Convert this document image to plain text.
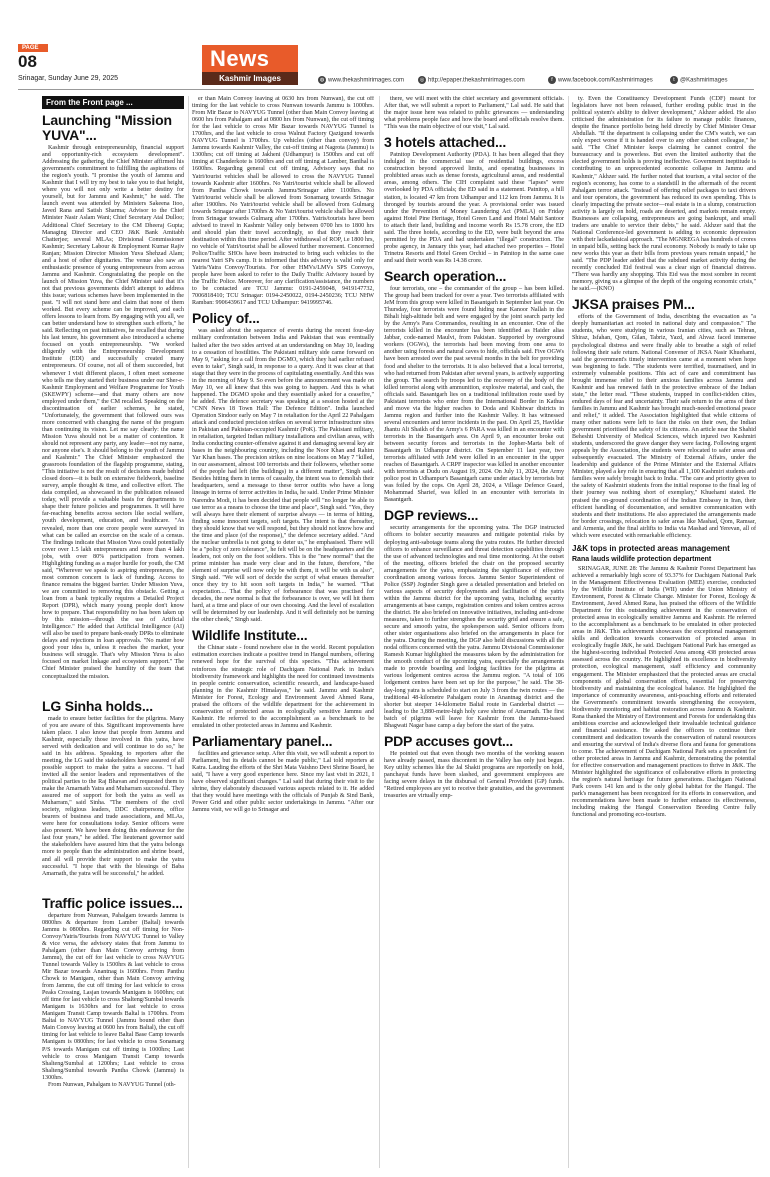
PAGE
08	News
Kashmir Images
Srinagar, Sunday June 29, 2025	◍ www.thekashmirimages.com	◎ http://epaper.thekashmirimages.com	f www.facebook.com/Kashmirimages	t @Kashmirimages
From the Front page ...
Launching "Mission YUVA"...

Kashmir through entrepreneurship, financial support and opportunity-rich ecosystem development". Addressing the gathering, the Chief Minister affirmed his government's commitment to fulfilling the aspirations of the region's youth. "I promise the youth of Jammu and Kashmir that I will try my best to take you to that height, where you will not only write a better destiny for yourself, but for Jammu and Kashmir," he said. The launch event was attended by Ministers Sakeena Itoo, Javed Rana and Satish Sharma; Advisor to the Chief Minister Nasir Aslam Wani; Chief Secretary Atal Dulloo; Additional Chief Secretary to the CM Dheeraj Gupta; Managing Director and CEO J&K Bank Amitabh Chatterjee; several MLAs; Divisional Commissioner Kashmir; Secretary Labour & Employment Kumar Rajiv Ranjan; Mission Director Mission Yuva Shehzad Alam; and a host of other dignitaries. The venue also saw an enthusiastic presence of young entrepreneurs from across Jammu and Kashmir. Congratulating the people on the launch of Mission Yuva, the Chief Minister said that it's not that previous governments didn't attempt to address this issue; various schemes have been implemented in the past. "I will not stand here and claim that none of them worked. But every scheme can be improved, and each offers lessons to learn from. By engaging with you all, we can better understand how to strengthen such efforts," he said. Reflecting on past initiatives, he recalled that during his last tenure, his government also introduced a scheme focused on youth entrepreneurship. "We worked diligently with the Entrepreneurship Development Institute (EDI) and successfully created many entrepreneurs. Of course, not all of them succeeded, but whenever I visit different places, I often meet someone who tells me they started their business under our Sher-e-Kashmir Employment and Welfare Programme for Youth (SKEWPY) scheme—and that many others are now employed under them," the CM recalled. Speaking on the discontinuation of earlier schemes, he stated, "Unfortunately, the government that followed ours was more concerned with changing the name of the program than continuing its vision. Let me say clearly: the name Mission Yuva should not be a matter of contention. It should not represent any party, any leader—not my name, nor anyone else's. It should belong to the youth of Jammu and Kashmir." The Chief Minister emphasized the grassroots foundation of the flagship programme, stating, "This initiative is not the result of decisions made behind closed doors—it is built on extensive fieldwork, baseline survey, ample thought & time, and collective effort. The data compiled, as showcased in the publication released today, will provide a valuable basis for departments to shape their future policies and programmes. It will have far-reaching benefits across sectors like social welfare, youth development, education, and healthcare. "As revealed, more than one crore people were surveyed in what can be called an exercise on the scale of a census. The findings indicate that Mission Yuva could potentially cover over 1.5 lakh entrepreneurs and more than 4 lakh jobs, with over 80% participation from women. Highlighting funding as a major hurdle for youth, the CM said, "Wherever we speak to aspiring entrepreneurs, the most common concern is lack of funding. Access to finance remains the biggest barrier. Under Mission Yuva, we are committed to removing this obstacle. Getting a loan from a bank typically requires a Detailed Project Report (DPR), which many young people don't know how to prepare. That responsibility no has been taken up by this mission—through the use of Artificial Intelligence." He added that Artificial Intelligence (AI) will also be used to prepare bank-ready DPRs to eliminate delays and rejections in loan approvals. "No matter how good your idea is, unless it reaches the market, your business will struggle. That's why Mission Yuva is also focused on market linkage and ecosystem support." The Chief Minister praised the humility of the team that conceptualized the mission.

LG Sinha holds...

made to ensure better facilities for the pilgrims. Many of you are aware of this. Significant improvements have taken place. I also know that people from Jammu and Kashmir, especially those involved in this yatra, have served with dedication and will continue to do so," he said in his address. Speaking to reporters after the meeting, the LG said the stakeholders have assured of all possible support to make the yatra a success. "I had invited all the senior leaders and representatives of the political parties to the Raj Bhavan and requested them to make the Amarnath Yatra and Muharram successful. They assured me of support for both the yatra as well as Muharram," said Sinha. "The members of the civil society, religious leaders, DDC chairpersons, office bearers of business and trade associations, and MLAs, were here for consultations today. Senior officers were also present. We have been doing this endeavour for the last four years," he added. The lieutenant governor said the stakeholders have assured him that the yatra belongs more to people than the administration and shrine board, and all will provide their support to make the yatra successful. "I hope that with the blessings of Baba Amarnath, the yatra will be successful," he added.

Traffic police issues...

departure from Nunwan, Pahalgam towards Jammu is 0800hrs & departure from Lamber (Baltal) towards Jammu is 0800hrs. Regarding cut off timing for Non-Convoy/Yatris/Tourists from NAVYUG Tunnel to Valley & vice versa, the advisory states that from Jammu to Pahalgam (other than Main Convoy arriving from Jammu), the cut off for last vehicle to cross NAVYUG Tunnel towards Valley is 1500hrs & last vehicle to cross Mir Bazar towards Anantnag is 1600hrs. From Panthu Chowk to Manigam, other than Main Convoy arriving from Jammu, the cut off timing for last vehicle to cross Peaks Crossing, Lasjan towards Manigam is 1600hrs; cut off time for last vehicle to cross Shalteng/Sumbal towards Manigam is 1630hrs and for last vehicle to cross Manigam Transit Camp towards Baltal is 1700hrs. From Baltal to NAVYUG Tunnel (Jammu bound other than Main Convoy leaving at 0600 hrs from Baltal), the cut off timing for last vehicle to leave Baltal Base Camp towards Manigam is 0800hrs; for last vehicle to cross Sonamarg P/S towards Manigam cut off timing is 1000hrs; Last vehicle to cross Manigam Transit Camp towards Shalteng/Sumbal at 1200hrs; Last vehicle to cross Shalteng/Sumbal towards Pantha Chowk (Jammu) is 1300hrs.

From Nunwan, Pahalgam to NAVYUG Tunnel (oth-

er than Main Convoy leaving at 0630 hrs from Nunwan), the cut off timing for the last vehicle to cross Nunwan towards Jammu is 1000hrs. From Mir Bazar to NAVYUG Tunnel (other than Main Convoy leaving at 0600 hrs from Pahalgam and at 0800 hrs from Nunwan), the cut off timing for the last vehicle to cross Mir Bazar towards NAVYUG Tunnel is 1700hrs, and the last vehicle to cross Walnut Factory Qazigund towards NAVYUG Tunnel is 1700hrs. Up vehicles (other than convoy) from Jammu towards Kashmir Valley, the cut-off timing at Nagrota (Jammu) is 1300hrs; cut off timing at Jakheni (Udhampur) is 1500hrs and cut off timing at Chanderkote is 1600hrs and cut off timing at Lamber, Banihal is 1600hrs. Regarding general cut off timing, Advisory says that no Yatri/tourist vehicles shall be allowed to cross the NAVYUG Tunnel towards Kashmir after 1600hrs. No Yatri/tourist vehicle shall be allowed from Pantha Chowk towards Jammu/Srinagar after 1100hrs. No Yatri/tourist vehicle shall be allowed from Sonamarg towards Srinagar after 1900hrs. No Yatri/tourist vehicle shall be allowed from Gulmarg towards Srinagar after 1700hrs & No Yatri/tourist vehicle shall be allowed from Srinagar towards Gulmarg after 1700hrs. Yatris/tourists have been advised to travel in Kashmir Valley only between 0700 hrs to 1800 hrs and should plan their travel accordingly, so that they reach their destination within this time period. After withdrawal of ROP, i.e 1800 hrs, no vehicle of Yatri/tourist shall be allowed further movement. Concerned Police/Traffic SHOs have been instructed to bring such vehicles to the nearest Yatri SPs camp. It is informed that this advisory is valid only for Yatris/Yatra Convoy/Tourists. For other HMVs/LMVs SPS Convoys, people have been asked to refer to the Daily Traffic Advisory issued by the Traffic Police. Moreover, for any clarification/assistance, the numbers to be contacted are TCU Jammu: 0191-2459048, 9419147732, 7006818410; TCU Srinagar: 0194-2450022, 0194-2450236; TCU NHW Ramban: 9906439617 and TCU Udhampur: 9419995746.

Policy of...

was asked about the sequence of events during the recent four-day military confrontation between India and Pakistan that was eventually halted after the two sides arrived at an understanding on May 10, leading to a cessation of hostilities. The Pakistani military side came forward on May 9, "asking for a call from the DGMO, which they had earlier refused even to take", Singh said, in response to a query. And it was clear at that stage that they were in the process of capitulating essentially. And this was in the morning of May 9. So even before the announcement was made on May 10, we all knew that this was going to happen. And this is what happened. The DGMO spoke and they essentially asked for a ceasefire," he added. The defence secretary was speaking at a session hosted at the "CNN News 18 Town Hall: The Defence Edition". India launched Operation Sindoor early on May 7 in retaliation for the April 22 Pahalgam attack and conducted precision strikes on several terror infrastructure sites in Pakistan and Pakistan-occupied Kashmir (PoK). The Pakistani military, in retaliation, targeted Indian military installations and civilian areas, with India conducting counter-offensive against it and damaging several key air bases in the neighbouring country, including the Noor Khan and Rahim Yar Khan bases. The precision strikes on nine locations on May 7 "killed, in our assessment, almost 100 terrorists and their followers, whether some of the people had left (the buildings) in a different matter", Singh said. Besides hitting them in terms of casualty, the intent was to demolish their headquarters, send a message to these terror outfits who have a long lineage in terms of terror activities in India, he said. Under Prime Minister Narendra Modi, it has been decided that people will "no longer be able to use terror as a means to choose the time and place", Singh said. "Yes, they will always have their element of surprise always — in terms of hitting, finding some innocent targets, soft targets. The intent is that thereafter, they should know that we will respond, but they should not know how and the time and place (of the response)," the defence secretary added. "And the nuclear umbrella is not going to deter us," he emphasised. There will be a "policy of zero tolerance", he felt will be on the headquarters and the leaders, not only on the foot soldiers. This is the "new normal" that the prime minister has made very clear and in the future, therefore, "the element of surprise will now only be with them, it will be with us also", Singh said. "We will sort of decide the script of what ensues thereafter once they try to hit soon soft targets in India," he warned. "That expectation.... That the policy of forbearance that was practised for decades, the new normal is that the forbearance is over, we will hit them hard, at a time and place of our own choosing. And the level of escalation will be determined by our leadership. And it will definitely not be turning the other cheek," Singh said.

Wildlife Institute...

the Chinar state - found nowhere else in the world. Recent population estimation exercises indicate a positive trend in Hangul numbers, offering renewed hope for the survival of this species. "This achievement reinforces the strategic role of Dachigam National Park in India's biodiversity framework and highlights the need for continued investments in people centric conservation, scientific research, and landscape-based planning in the Kashmir Himalayas," he said. Jammu and Kashmir Minister for Forest, Ecology and Environment Javed Ahmed Rana, praised the officers of the wildlife department for the achievement in conservation of protected areas in ecologically sensitive Jammu and Kashmir. He referred to the accomplishment as a benchmark to be emulated in other protected areas in Jammu and Kashmir.

Parliamentary panel...

facilities and grievance setup. After this visit, we will submit a report to Parliament, but its details cannot be made public," Lal told reporters at Katra. Lauding the efforts of the Shri Mata Vaishno Devi Shrine Board, he said, "I have a very good experience here. Since my last visit in 2021, I have observed significant changes." Lal said that during their visit to the shrine, they elaborately discussed various aspects related to it. He added that they would have meetings with the officials of Punjab & Sind Bank, Power Grid and other public sector undertakings in Jammu. "After our Jammu visit, we will go to Srinagar and

there, we will meet with the chief secretary and government officials. After that, we will submit a report to Parliament," Lal said. He said that the major issue here was related to public grievances — understanding what problems people face and how the board and officials resolve them. "This was the main objective of our visit," Lal said.

3 hotels attached...

Patnitop Development Authority (PDA). It has been alleged that they indulged in the commercial use of residential buildings, excess construction beyond approved limits, and operating businesses in prohibited areas such as dense forests, agricultural areas, and residential areas, among others. The CIH complaint said these "lapses" were overlooked by PDA officials; the ED said in a statement. Patnitop, a hill station, is located 47 km from Udhampur and 112 km from Jammu. It is thronged by tourists around the year. A provisional order was issued under the Prevention of Money Laundering Act (PMLA) on Friday against Hotel Pine Heritage, Hotel Green Land and Hotel Mahi Santoor to attach their land, building and income worth Rs 15.78 crore, the ED said. The three hotels, according to the ED, were built beyond the area permitted by the PDA and had undertaken "illegal" construction. The probe agency, in January this year, had attached two properties – Hotel Trinetra Resorts and Hotel Green Orchid – in Patnitop in the same case and said their worth was Rs 14.38 crore.

Search operation...

four terrorists, one – the commander of the group – has been killed. The group had been tracked for over a year. Two terrorists affiliated with JeM from this group were killed in Basantgarh in September last year. On Thursday, four terrorists were found hiding near Kanoor Nallah in the Bihali high-altitude belt and were engaged by the joint search party led by the Army's Para Commandos, resulting in an encounter. One of the terrorists killed in the encounter has been identified as Haider alias Jabbar, code-named Maulvi, from Pakistan. Supported by overground workers (OGWs), the terrorists had been moving from one area to another using forests and natural caves to hide, officials said. Five OGWs have been arrested over the past several months in the belt for providing food and shelter to the terrorists. It is also believed that a local terrorist, who had returned from Pakistan after several years, is actively supporting the group. The search by troops led to the recovery of the body of the killed terrorist along with ammunition, explosive material, and cash, the officials said. Basantgarh lies on a traditional infiltration route used by Pakistani terrorists who enter from the International Border in Kathua and move via the higher reaches to Doda and Kishtwar districts in Jammu region and further into the Kashmir Valley. It has witnessed several encounters and terror incidents in the past. On April 25, Havildar Jhantu Ali Shaikh of the Army's 6 PARA was killed in an encounter with terrorists in the Basantgarh area. On April 9, an encounter broke out between security forces and terrorists in the Jopher-Marta belt of Basantgarh in Udhampur district. On September 11 last year, two terrorists affiliated with JeM were killed in an encounter in the upper reaches of Basantgarh. A CRPF inspector was killed in another encounter with terrorists at Dudu on August 19, 2024. On July 11, 2024, the Army police post in Udhampur's Basantgarh came under attack by terrorists but was foiled by the cops. On April 28, 2024, a Village Defence Guard, Mohammad Sharief, was killed in an encounter with terrorists in Basantgarh.

DGP reviews...

security arrangements for the upcoming yatra. The DGP instructed officers to bolster security measures and mitigate potential risks by deploying anti-sabotage teams along the yatra routes. He further directed officers to enhance surveillance and threat detection capabilities through the use of advanced technologies and real time monitoring. At the outset of the meeting, officers briefed the chair on the proposed security arrangements for the yatra, emphasizing the significance of effective coordination among various forces. Jammu Senior Superintendent of Police (SSP) Joginder Singh gave a detailed presentation and briefed on various aspects of security deployments and facilitation of the yatris within the Jammu district for the upcoming yatra, including security arrangements at base camps, registration centres and token centres across the district. He also briefed on innovative initiatives, including anti-drone measures, taken to further strengthen the security grid and ensure a safe, secure and smooth yatra, the spokesperson said. Senior officers from other sister organisations also briefed on the arrangements in place for the yatra. During the meeting, the DGP also held discussions with all the nodal officers concerned with the yatra. Jammu Divisional Commissioner Ramesh Kumar highlighted the measures taken by the administration for the smooth conduct of the upcoming yatra, especially the arrangements made to provide boarding and lodging facilities for the pilgrims at various lodgement centres across the Jammu region. "A total of 106 lodgement centres have been set up for the purpose," he said. The 38-day-long yatra is scheduled to start on July 3 from the twin routes — the traditional 48-kilometre Pahalgam route in Anantnag district and the shorter but steeper 14-kilometre Baltal route in Ganderbal district — leading to the 3,880-metre-high holy cave shrine of Amarnath. The first batch of pilgrims will leave for Kashmir from the Jammu-based Bhagwati Nagar base camp a day before the start of the yatra.

PDP accuses govt...

He pointed out that even though two months of the working season have already passed, mass discontent in the Valley has only just begun. Key utility schemes like the Jal Shakti programs are reportedly on hold, panchayat funds have been slashed, and government employees are facing severe delays in the disbursal of General Provident (GP) funds. "Retired employees are yet to receive their gratuities, and the government treasuries are virtually emp-

ty. Even the Constituency Development Funds (CDF) meant for legislators have not been released, further eroding public trust in the political system's ability to deliver development," Akhzer added. He also criticised the administration for its failure to manage public finances, despite the finance portfolio being held directly by Chief Minister Omar Abdullah. "If the department is collapsing under the CM's watch, we can only expect worse if it is handed over to any other cabinet colleague," he said. "The Chief Minister keeps claiming he cannot control the bureaucracy and is powerless. But even the limited authority that the elected government holds is proving ineffective. Government ineptitude is contributing to an unprecedented economic collapse in Jammu and Kashmir," Akhzer said. He further noted that tourism, a vital sector of the region's economy, has come to a standstill in the aftermath of the recent Pahalgam terror attack. "Instead of offering relief packages to taxi drivers and tour operators, the government has reduced its own spending. This is clearly impacting the private sector—real estate is in a slump, construction activity is largely on hold, roads are deserted, and markets remain empty. Businesses are collapsing, entrepreneurs are going bankrupt, and small traders are unable to service their debts," he said. Akhzer said that the National Conference-led government is adding to economic depression with their lackadaisical approach. "The MGNREGA has hundreds of crores in unpaid bills, setting back the rural economy. Nobody is ready to take up new works this year as their bills from previous years remain unpaid," he said. "The PDP leader added that the subdued market activity during the recently concluded Eid festival was a clear sign of financial distress. "There was hardly any shopping. This Eid was the most sombre in recent memory, giving us a glimpse of the depth of the ongoing economic crisis," he said.—(KNO)

JKSA praises PM...

efforts of the Government of India, describing the evacuation as "a deeply humanitarian act rooted in national duty and compassion." The students, who were studying in various Iranian cities, such as Tehran, Shiraz, Isfahan, Qom, Gilan, Tabriz, Yazd, and Ahvaz faced immense psychological distress and were finally able to breathe a sigh of relief following their safe return. National Convener of JKSA Nasir Khuehami, said the government's timely intervention came at a moment when hope was beginning to fade. "The students were terrified, traumatised, and in extremely vulnerable positions. This act of care and commitment has brought immense relief to their anxious families across Jammu and Kashmir and has renewed faith in the protective embrace of the Indian state," the letter read. "These students, trapped in conflict-ridden cities, endured days of fear and uncertainty. Their safe return to the arms of their families in Jammu and Kashmir has brought much-needed emotional peace and relief," it added. The Association highlighted that while citizens of many other nations were left to face the risks on their own, the Indian government prioritised the safety of its citizens. An article near the Shahid Beheshti University of Medical Sciences, which injured two Kashmiri students, underscored the grave danger they were facing. Following urgent appeals by the Association, the students were relocated to safer areas and subsequently evacuated. The Ministry of External Affairs, under the leadership and guidance of the Prime Minister and the External Affairs Minister, played a key role in ensuring that all 1,100 Kashmiri students and families were safely brought back to India. "The care and priority given to the safety of Kashmiri students from the initial response to the final leg of their journey was nothing short of exemplary," Khuehami stated. He praised the on-ground coordination of the Indian Embassy in Iran, their efficient handling of documentation, and sensitive communication with students and their institutions. He also appreciated the arrangements made for border crossings, relocation to safer areas like Mashad, Qom, Ramsar, and Armenia, and the final airlifts to India via Mashad and Yerevan, all of which were executed with remarkable efficiency.

J&K tops in protected areas management
Rana lauds wildlife protection department

SRINAGAR, JUNE 28: The Jammu & Kashmir Forest Department has achieved a remarkably high score of 93.37% for Dachigam National Park in the Management Effectiveness Evaluation (MEE) exercise, conducted by the Wildlife Institute of India (WII) under the Union Ministry of Environment, Forest & Climate Change. Minister for Forest, Ecology & Environment, Javed Ahmed Rana, has praised the officers of the Wildlife Department for this outstanding achievement in the conservation of protected areas in ecologically sensitive Jammu and Kashmir. He referred to the accomplishment as a benchmark to be emulated in other protected areas in J&K. This achievement showcases the exceptional management skills and dedication towards conservation of protected areas in ecologically fragile J&K, he said. Dachigam National Park has emerged as the highest-scoring individual Protected Area among 438 protected areas assessed across the country. He highlighted its excellence in biodiversity protection, ecological management, staff efficiency and community engagement. The Minister emphasized that the protected areas are crucial components of global conservation efforts, essential for preserving biodiversity and maintaining the ecological balance. He highlighted the importance of community awareness, anti-poaching efforts and reiterated the Government's commitment towards strengthening the ecosystem, biodiversity monitoring and habitat restoration across Jammu & Kashmir. Rana thanked the Ministry of Environment and Forests for undertaking this ambitious exercise and acknowledged their invaluable technical guidance and financial assistance. He asked the officers to continue their commitment and dedication towards the conservation of natural resources and ensuring the survival of India's diverse flora and fauna for generations to come. The achievement of Dachigam National Park sets a precedent for other protected areas in Jammu and Kashmir, demonstrating the potential for effective conservation and management practices to thrive in J&K. The Minister highlighted the significance of collaborative efforts in protecting the region's natural heritage for future generations. Dachigam National Park covers 141 km and is the only global habitat for the Hangul. The park's management has been recognized for its efforts in conservation, and recommendations have been made to further enhance its effectiveness, including making the Hangul Conservation Breeding Centre fully functional and promoting eco-tourism.
